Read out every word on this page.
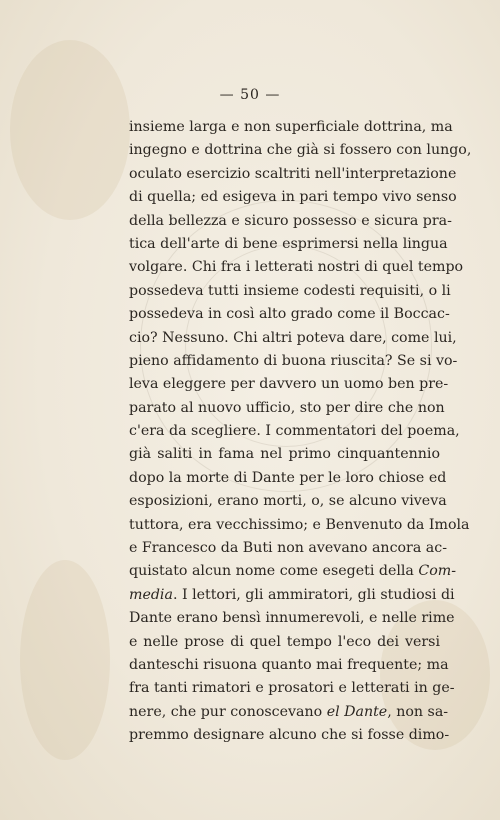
— 50 —
insieme larga e non superficiale dottrina, ma
ingegno e dottrina che già si fossero con lungo,
oculato esercizio scaltriti nell'interpretazione
di quella; ed esigeva in pari tempo vivo senso
della bellezza e sicuro possesso e sicura pra-
tica dell'arte di bene esprimersi nella lingua
volgare. Chi fra i letterati nostri di quel tempo
possedeva tutti insieme codesti requisiti, o li
possedeva in così alto grado come il Boccac-
cio? Nessuno. Chi altri poteva dare, come lui,
pieno affidamento di buona riuscita? Se si vo-
leva eleggere per davvero un uomo ben pre-
parato al nuovo ufficio, sto per dire che non
c'era da scegliere. I commentatori del poema,
già saliti in fama nel primo cinquantennio
dopo la morte di Dante per le loro chiose ed
esposizioni, erano morti, o, se alcuno viveva
tuttora, era vecchissimo; e Benvenuto da Imola
e Francesco da Buti non avevano ancora ac-
quistato alcun nome come esegeti della Com-
media. I lettori, gli ammiratori, gli studiosi di
Dante erano bensì innumerevoli, e nelle rime
e nelle prose di quel tempo l'eco dei versi
danteschi risuona quanto mai frequente; ma
fra tanti rimatori e prosatori e letterati in ge-
nere, che pur conoscevano el Dante, non sa-
premmo designare alcuno che si fosse dimo-
